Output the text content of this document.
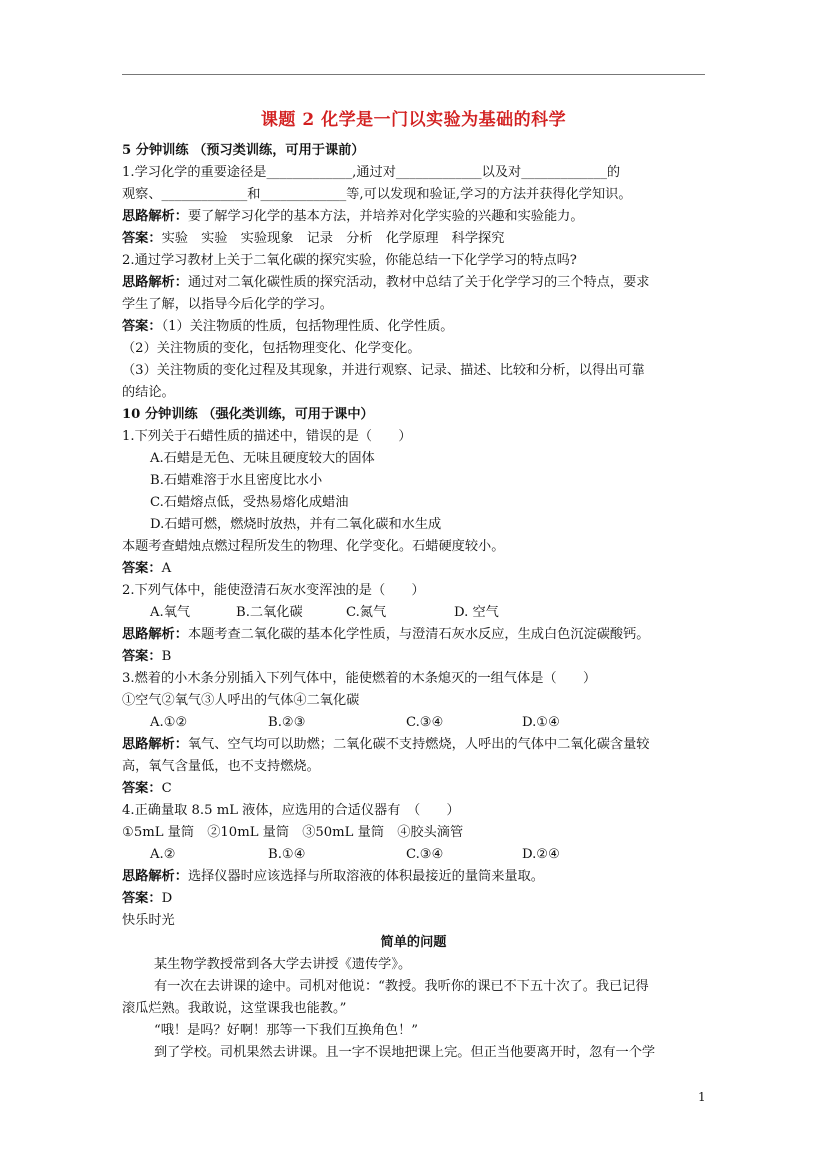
课题 2 化学是一门以实验为基础的科学
5 分钟训练 （预习类训练，可用于课前）
1.学习化学的重要途径是_____________,通过对_____________以及对_____________的
观察、_____________和_____________等,可以发现和验证,学习的方法并获得化学知识。
思路解析：要了解学习化学的基本方法，并培养对化学实验的兴趣和实验能力。
答案：实验　实验　实验现象　记录　分析　化学原理　科学探究
2.通过学习教材上关于二氧化碳的探究实验，你能总结一下化学学习的特点吗?
思路解析：通过对二氧化碳性质的探究活动，教材中总结了关于化学学习的三个特点，要求
学生了解，以指导今后化学的学习。
答案：（1）关注物质的性质，包括物理性质、化学性质。
（2）关注物质的变化，包括物理变化、化学变化。
（3）关注物质的变化过程及其现象，并进行观察、记录、描述、比较和分析，以得出可靠
的结论。
10 分钟训练 （强化类训练，可用于课中）
1.下列关于石蜡性质的描述中，错误的是（　　）
A.石蜡是无色、无味且硬度较大的固体
B.石蜡难溶于水且密度比水小
C.石蜡熔点低，受热易熔化成蜡油
D.石蜡可燃，燃烧时放热，并有二氧化碳和水生成
本题考查蜡烛点燃过程所发生的物理、化学变化。石蜡硬度较小。
答案：A
2.下列气体中，能使澄清石灰水变浑浊的是（　　）
A.氧气	B.二氧化碳	C.氮气	D. 空气
思路解析：本题考查二氧化碳的基本化学性质，与澄清石灰水反应，生成白色沉淀碳酸钙。
答案：B
3.燃着的小木条分别插入下列气体中，能使燃着的木条熄灭的一组气体是（　　）
①空气②氧气③人呼出的气体④二氧化碳
A.①②	B.②③	C.③④	D.①④
思路解析：氧气、空气均可以助燃；二氧化碳不支持燃烧，人呼出的气体中二氧化碳含量较
高，氧气含量低，也不支持燃烧。
答案：C
4.正确量取 8.5 mL 液体，应选用的合适仪器有　（　　）
①5mL 量筒　②10mL 量筒　③50mL 量筒　④胶头滴管
A.②	B.①④	C.③④	D.②④
思路解析：选择仪器时应该选择与所取溶液的体积最接近的量筒来量取。
答案：D
快乐时光
简单的问题
某生物学教授常到各大学去讲授《遗传学》。
有一次在去讲课的途中。司机对他说：“教授。我听你的课已不下五十次了。我已记得
滚瓜烂熟。我敢说，这堂课我也能教。”
“哦！是吗？好啊！那等一下我们互换角色！”
到了学校。司机果然去讲课。且一字不误地把课上完。但正当他要离开时，忽有一个学
1
